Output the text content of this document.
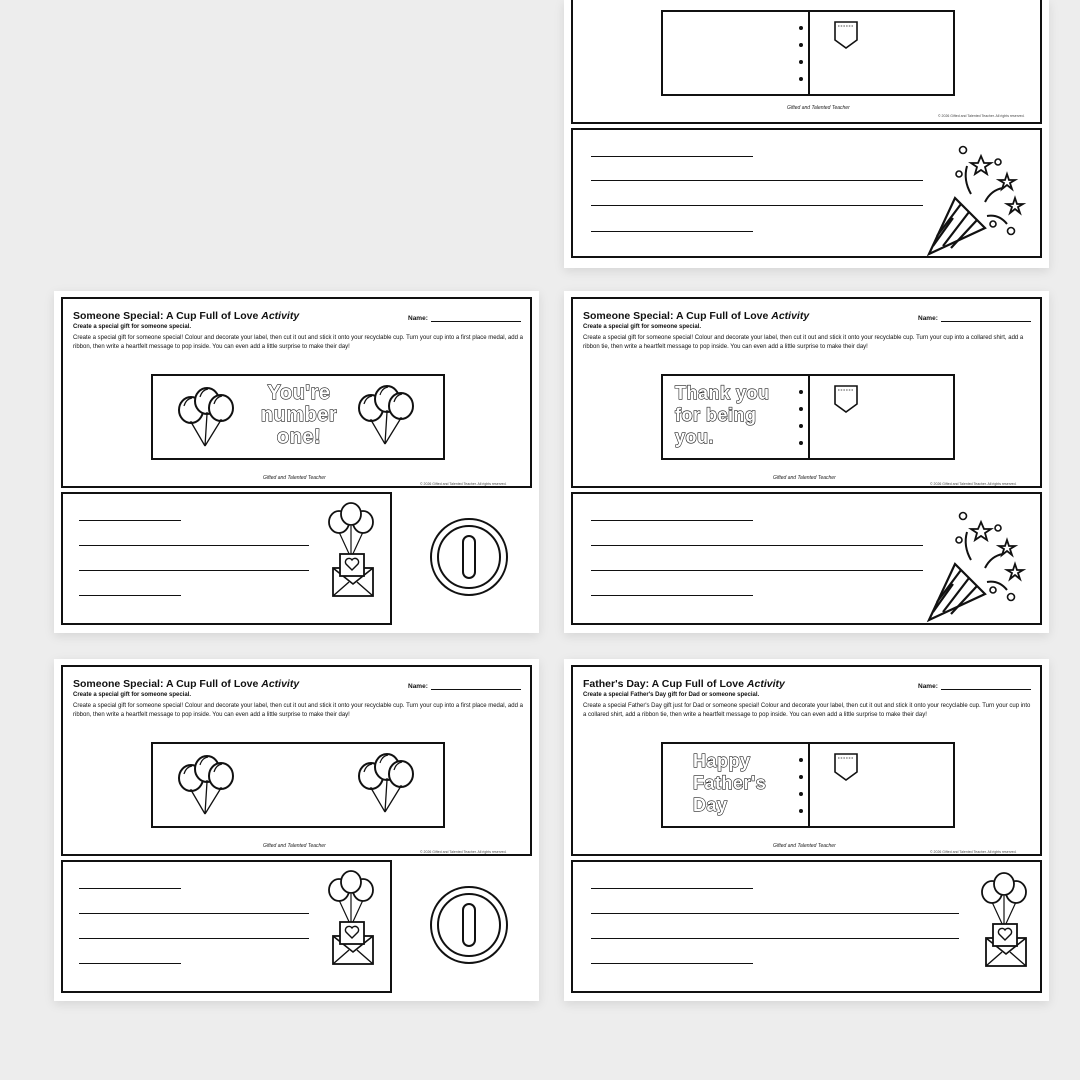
Gifted and Talented Teacher
© 2026 Gifted and Talented Teacher. All rights reserved.
Someone Special: A Cup Full of Love Activity
Create a special gift for someone special.
Create a special gift for someone special! Colour and decorate your label, then cut it out and stick it onto your recyclable cup. Turn your cup into a first place medal, add a ribbon, then write a heartfelt message to pop inside. You can even add a little surprise to make their day!
Name:
You're number one!
Gifted and Talented Teacher
© 2026 Gifted and Talented Teacher. All rights reserved.
Someone Special: A Cup Full of Love Activity
Create a special gift for someone special.
Create a special gift for someone special! Colour and decorate your label, then cut it out and stick it onto your recyclable cup. Turn your cup into a collared shirt, add a ribbon tie, then write a heartfelt message to pop inside. You can even add a little surprise to make their day!
Name:
Thank you for being you.
Gifted and Talented Teacher
© 2026 Gifted and Talented Teacher. All rights reserved.
Someone Special: A Cup Full of Love Activity
Create a special gift for someone special.
Create a special gift for someone special! Colour and decorate your label, then cut it out and stick it onto your recyclable cup. Turn your cup into a first place medal, add a ribbon, then write a heartfelt message to pop inside. You can even add a little surprise to make their day!
Name:
Gifted and Talented Teacher
© 2026 Gifted and Talented Teacher. All rights reserved.
Father's Day: A Cup Full of Love Activity
Create a special Father's Day gift for Dad or someone special.
Create a special Father's Day gift just for Dad or someone special! Colour and decorate your label, then cut it out and stick it onto your recyclable cup. Turn your cup into a collared shirt, add a ribbon tie, then write a heartfelt message to pop inside. You can even add a little surprise to make their day!
Name:
Happy Father's Day
Gifted and Talented Teacher
© 2026 Gifted and Talented Teacher. All rights reserved.
